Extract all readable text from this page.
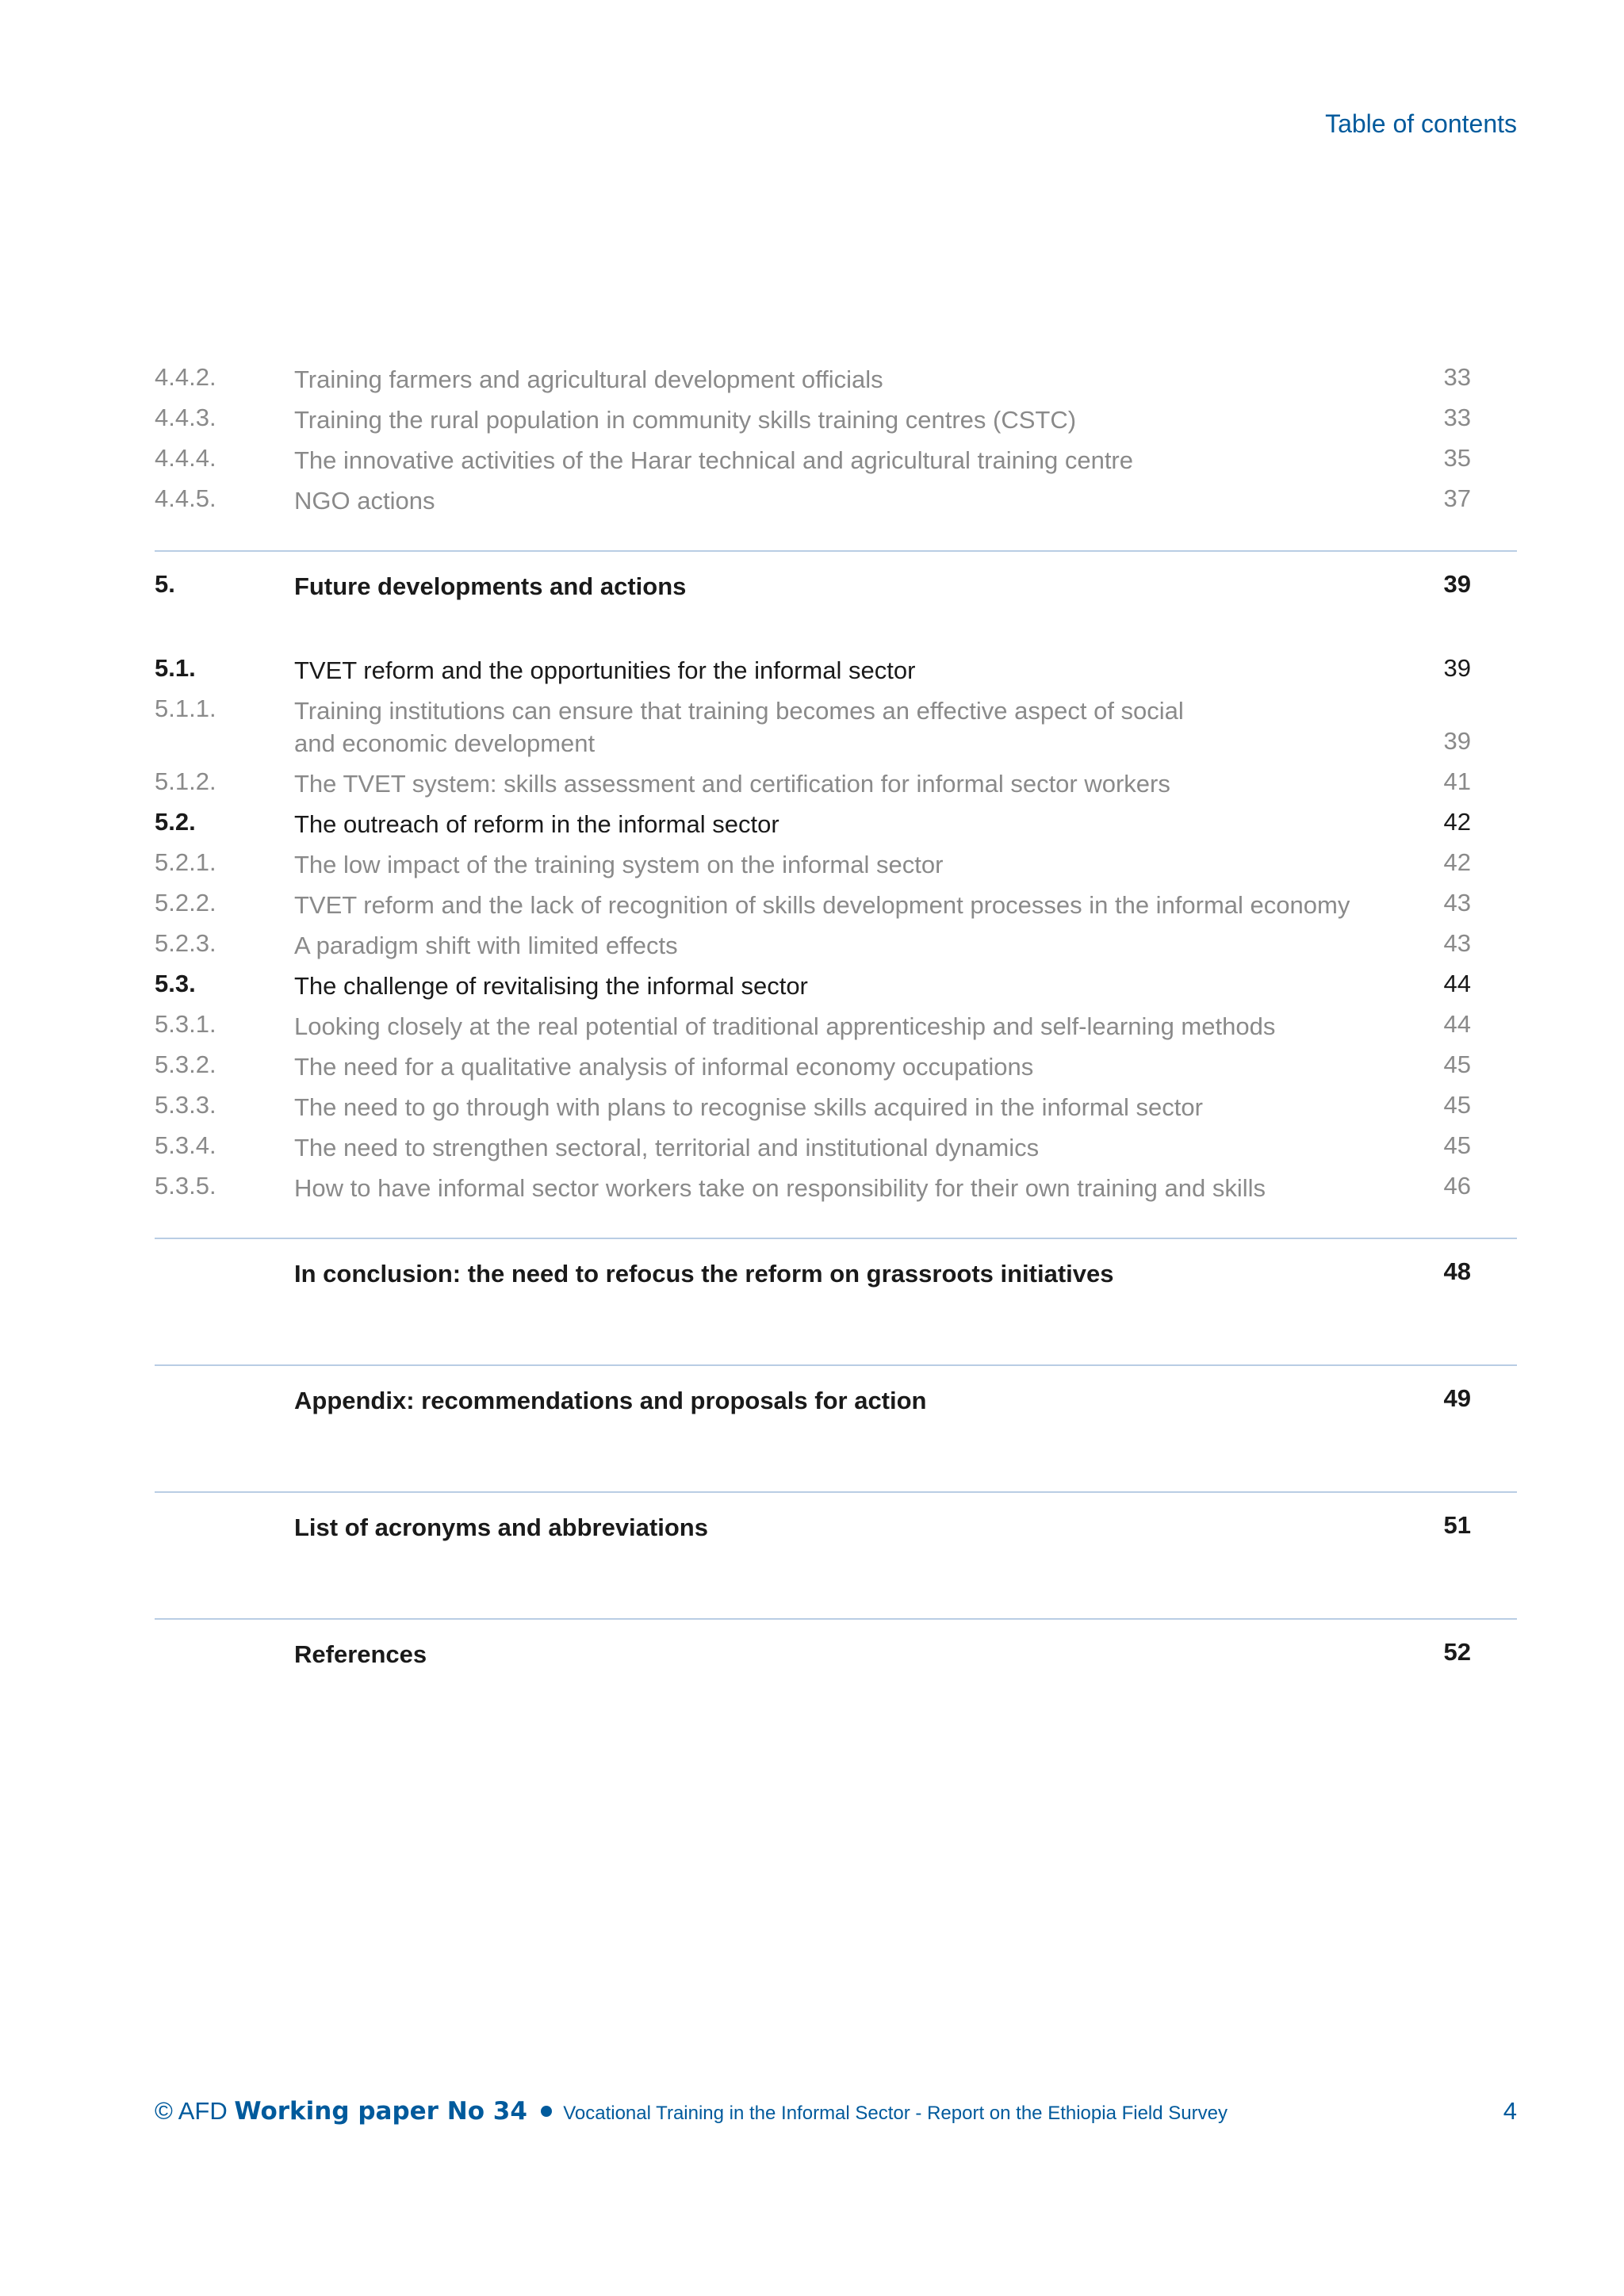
Table of contents
4.4.2.	Training farmers and agricultural development officials	33
4.4.3.	Training the rural population in community skills training centres (CSTC)	33
4.4.4.	The innovative activities of the Harar technical and agricultural training centre	35
4.4.5.	NGO actions	37
5.	Future developments and actions	39
5.1.	TVET reform and the opportunities for the informal sector	39
5.1.1.	Training institutions can ensure that training becomes an effective aspect of social
and economic development	39
5.1.2.	The TVET system: skills assessment and certification for informal sector workers	41
5.2.	The outreach of reform in the informal sector	42
5.2.1.	The low impact of the training system on the informal sector	42
5.2.2.	TVET reform and the lack of recognition of skills development processes in the informal economy	43
5.2.3.	A paradigm shift with limited effects	43
5.3.	The challenge of revitalising the informal sector	44
5.3.1.	Looking closely at the real potential of traditional apprenticeship and self-learning methods	44
5.3.2.	The need for a qualitative analysis of informal economy occupations	45
5.3.3.	The need to go through with plans to recognise skills acquired in the informal sector	45
5.3.4.	The need to strengthen sectoral, territorial and institutional dynamics	45
5.3.5.	How to have informal sector workers take on responsibility for their own training and skills	46
In conclusion: the need to refocus the reform on grassroots initiatives	48
Appendix: recommendations and proposals for action	49
List of acronyms and abbreviations	51
References	52
© AFD Working paper No 34 Vocational Training in the Informal Sector - Report on the Ethiopia Field Survey	4
